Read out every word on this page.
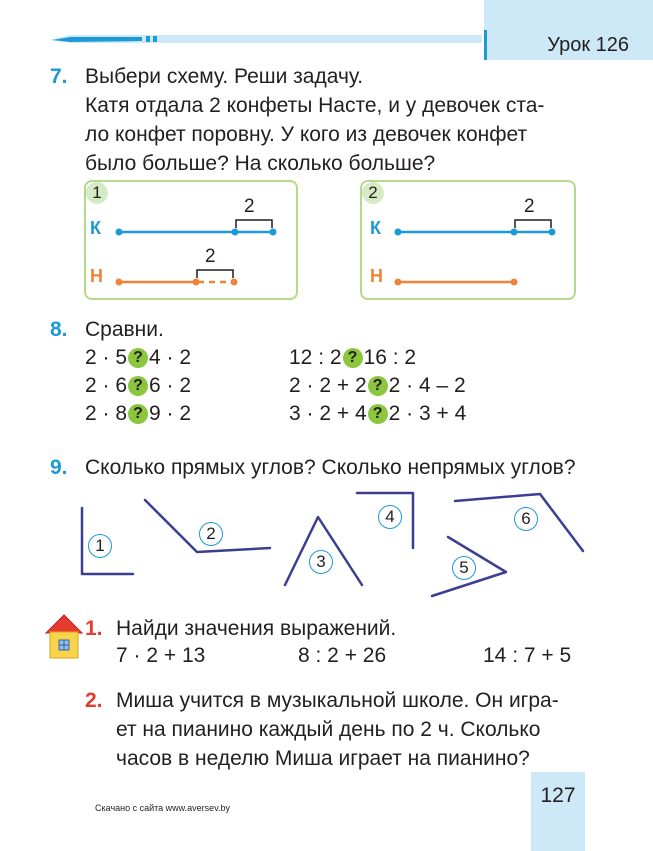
Урок 126
7. Выбери схему. Реши задачу.
Катя отдала 2 конфеты Насте, и у девочек ста-
ло конфет поровну. У кого из девочек конфет
было больше? На сколько больше?
1
К
Н
2
2
2
К
Н
2
8. Сравни.
2 · 5 ? 4 · 2
2 · 6 ? 6 · 2
2 · 8 ? 9 · 2
12 : 2 ? 16 : 2
2 · 2 + 2 ? 2 · 4 – 2
3 · 2 + 4 ? 2 · 3 + 4
9. Сколько прямых углов? Сколько непрямых углов?
1
2
3
4
5
6
1. Найди значения выражений.
7 · 2 + 13	8 : 2 + 26	14 : 7 + 5
2. Миша учится в музыкальной школе. Он игра-
ет на пианино каждый день по 2 ч. Сколько
часов в неделю Миша играет на пианино?
127
Скачано с сайта www.aversev.by
